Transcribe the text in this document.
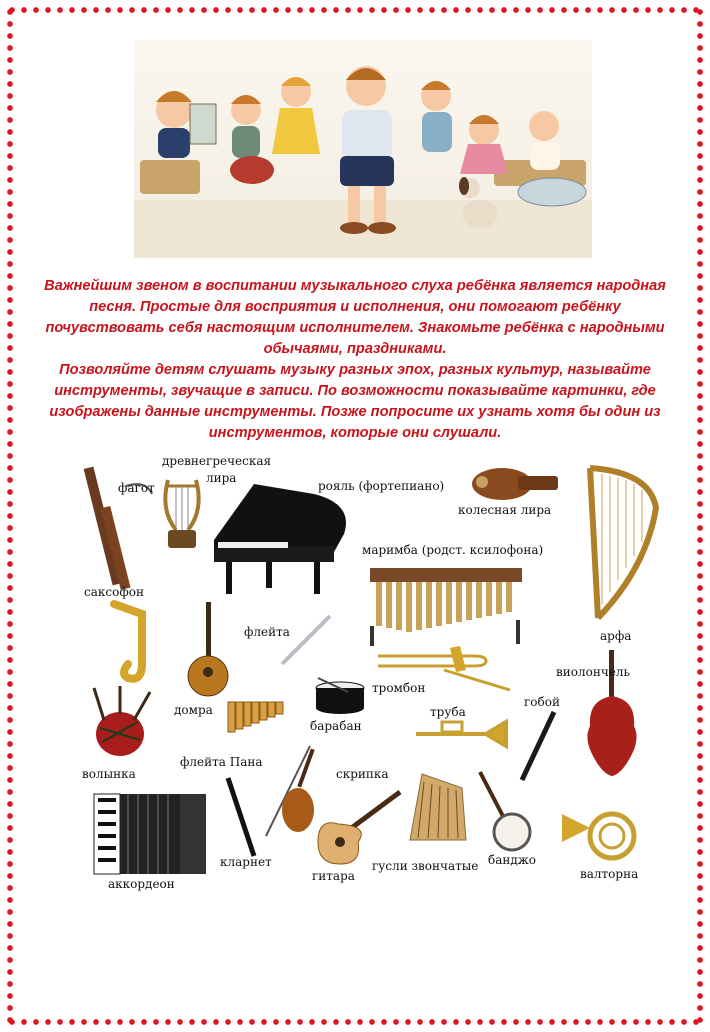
Важнейшим звеном в воспитании музыкального слуха ребёнка является народная песня. Простые для восприятия и исполнения, они помогают ребёнку почувствовать себя настоящим исполнителем. Знакомьте ребёнка с народными обычаями, праздниками.

Позволяйте детям слушать музыку разных эпох, разных культур, называйте инструменты, звучащие в записи. По возможности показывайте картинки, где изображены данные инструменты. Позже попросите их узнать хотя бы один из инструментов, которые они слушали.

фагот
древнегреческая
лира
рояль (фортепиано)
колесная лира
арфа
саксофон
маримба (родст. ксилофона)
флейта
домра
барабан
тромбон
виолончель
гобой
волынка
флейта Пана
труба
скрипка
аккордеон
кларнет
гитара
гусли звончатые банджо
валторна
